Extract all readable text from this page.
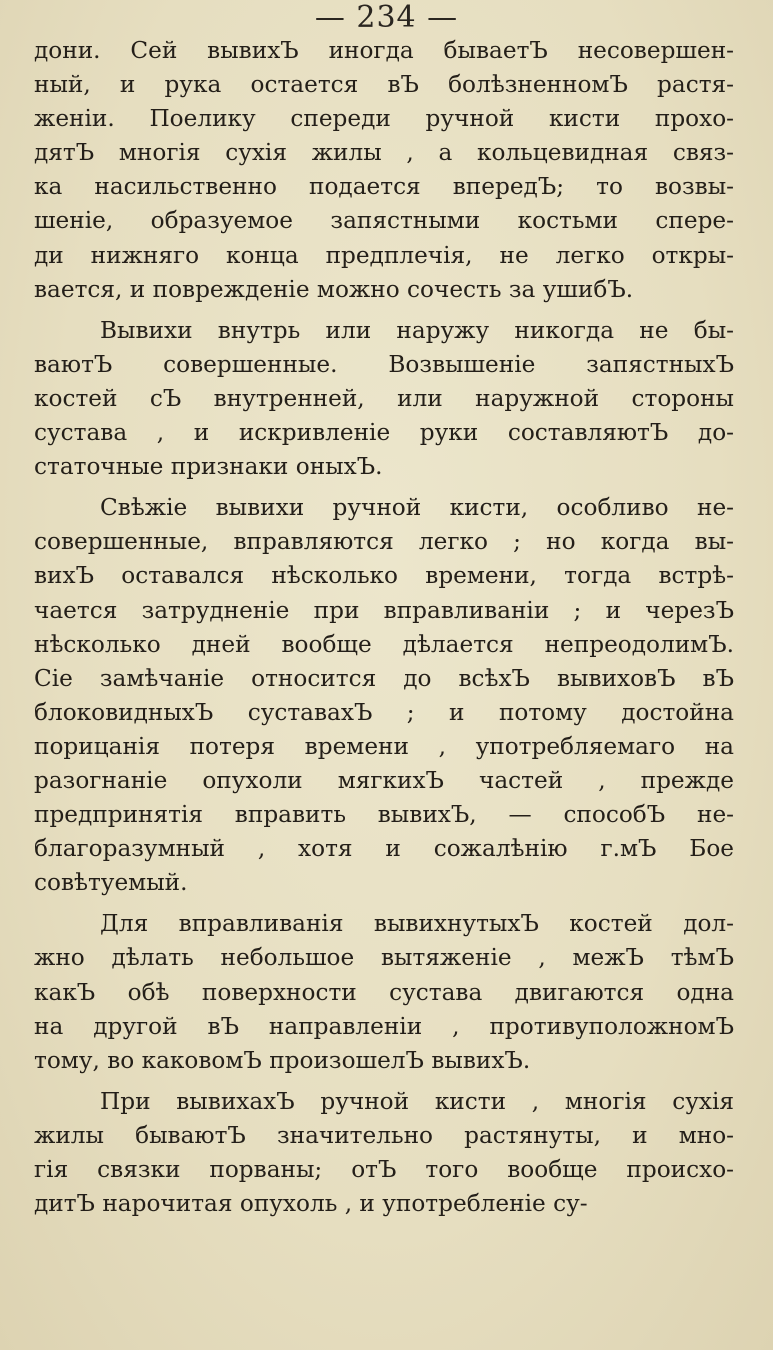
— 234 —
дони. Сей вывихЪ иногда бываетЪ несовершен-
ный, и рука остается вЪ болѣзненномЪ растя-
женіи. Поелику спереди ручной кисти прохо-
дятЪ многія сухія жилы , а кольцевидная связ-
ка насильственно подается впередЪ; то возвы-
шеніе, образуемое запястными костьми спере-
ди нижняго конца предплечія, не легко откры-
вается, и поврежденіе можно сочесть за ушибЪ.
Вывихи внутрь или наружу никогда не бы-
ваютЪ совершенные. Возвышеніе запястныхЪ
костей сЪ внутренней, или наружной стороны
сустава , и искривленіе руки составляютЪ до-
статочные признаки оныхЪ.
Свѣжіе вывихи ручной кисти, особливо не-
совершенные, вправляются легко ; но когда вы-
вихЪ оставался нѣсколько времени, тогда встрѣ-
чается затрудненіе при вправливаніи ; и черезЪ
нѣсколько дней вообще дѣлается непреодолимЪ.
Сіе замѣчаніе относится до всѣхЪ вывиховЪ вЪ
блоковидныхЪ суставахЪ ; и потому достойна
порицанія потеря времени , употребляемаго на
разогнаніе опухоли мягкихЪ частей , прежде
предпринятія вправить вывихЪ, — способЪ не-
благоразумный , хотя и сожалѣнію г.мЪ Бое
совѣтуемый.
Для вправливанія вывихнутыхЪ костей дол-
жно дѣлать небольшое вытяженіе , межЪ тѣмЪ
какЪ обѣ поверхности сустава двигаются одна
на другой вЪ направленіи , противуположномЪ
тому, во каковомЪ произошелЪ вывихЪ.
При вывихахЪ ручной кисти , многія сухія
жилы бываютЪ значительно растянуты, и мно-
гія связки порваны; отЪ того вообще происхо-
дитЪ нарочитая опухоль , и употребленіе су-
